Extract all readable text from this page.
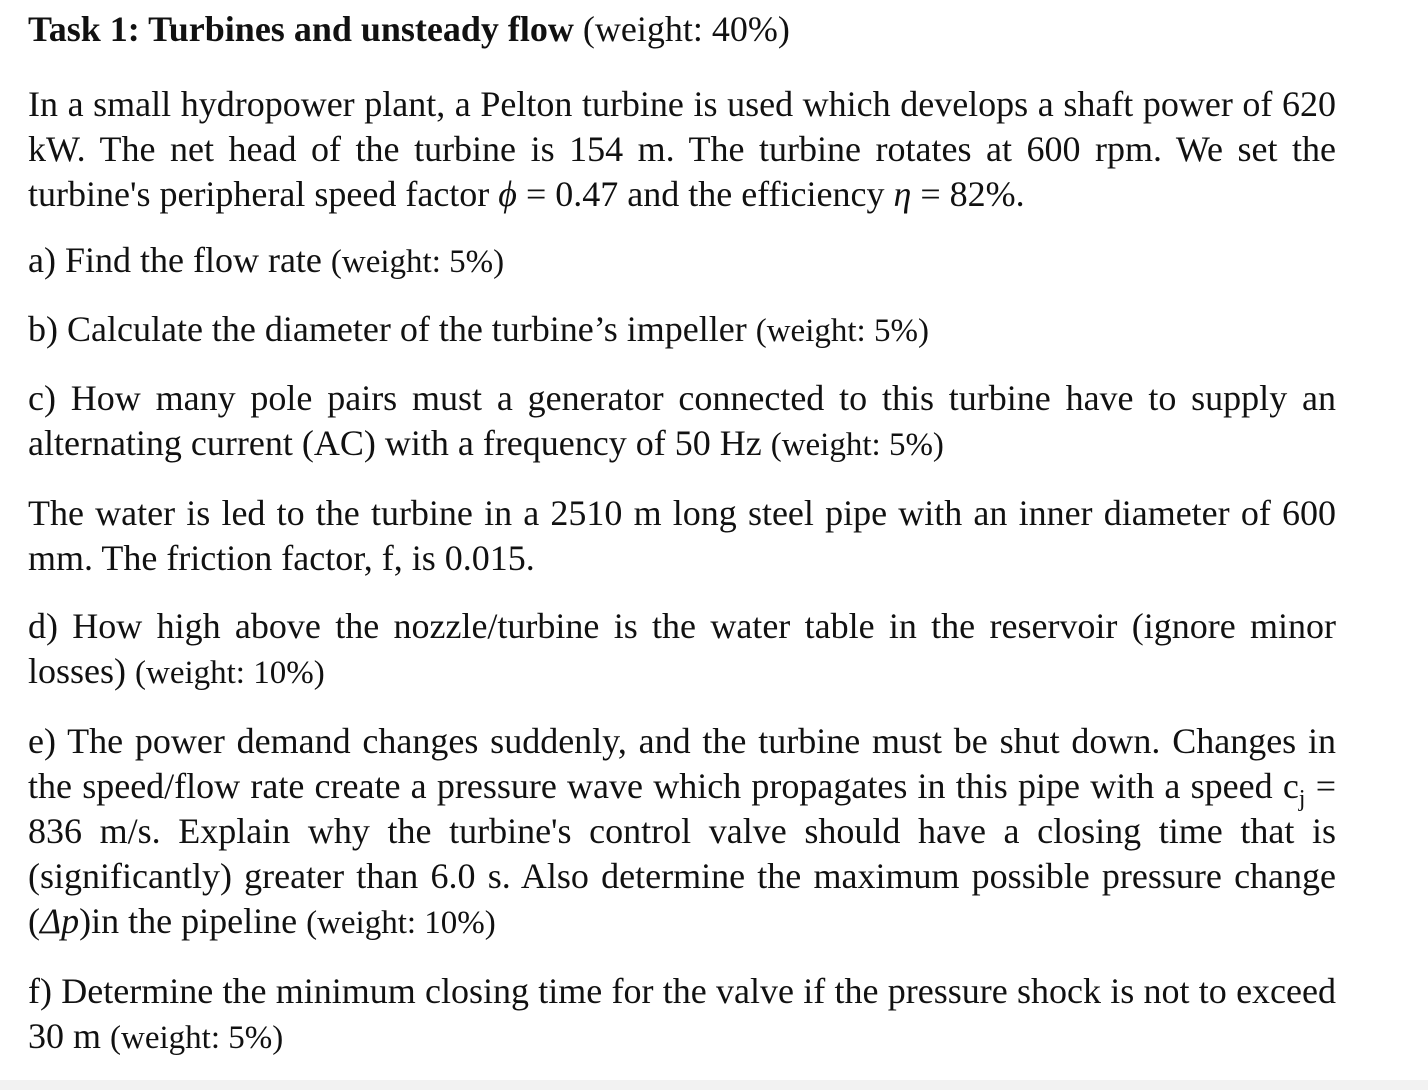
Task 1: Turbines and unsteady flow (weight: 40%)

In a small hydropower plant, a Pelton turbine is used which develops a shaft power of 620 kW. The net head of the turbine is 154 m. The turbine rotates at 600 rpm. We set the turbine's peripheral speed factor ϕ = 0.47 and the efficiency η = 82%.

a) Find the flow rate (weight: 5%)

b) Calculate the diameter of the turbine’s impeller (weight: 5%)

c) How many pole pairs must a generator connected to this turbine have to supply an alternating current (AC) with a frequency of 50 Hz (weight: 5%)

The water is led to the turbine in a 2510 m long steel pipe with an inner diameter of 600 mm. The friction factor, f, is 0.015.

d) How high above the nozzle/turbine is the water table in the reservoir (ignore minor losses) (weight: 10%)

e) The power demand changes suddenly, and the turbine must be shut down. Changes in the speed/flow rate create a pressure wave which propagates in this pipe with a speed $c_j = 836$ m/s. Explain why the turbine's control valve should have a closing time that is (significantly) greater than 6.0 s. Also determine the maximum possible pressure change (Δp)in the pipeline (weight: 10%)

f) Determine the minimum closing time for the valve if the pressure shock is not to exceed 30 m (weight: 5%)
